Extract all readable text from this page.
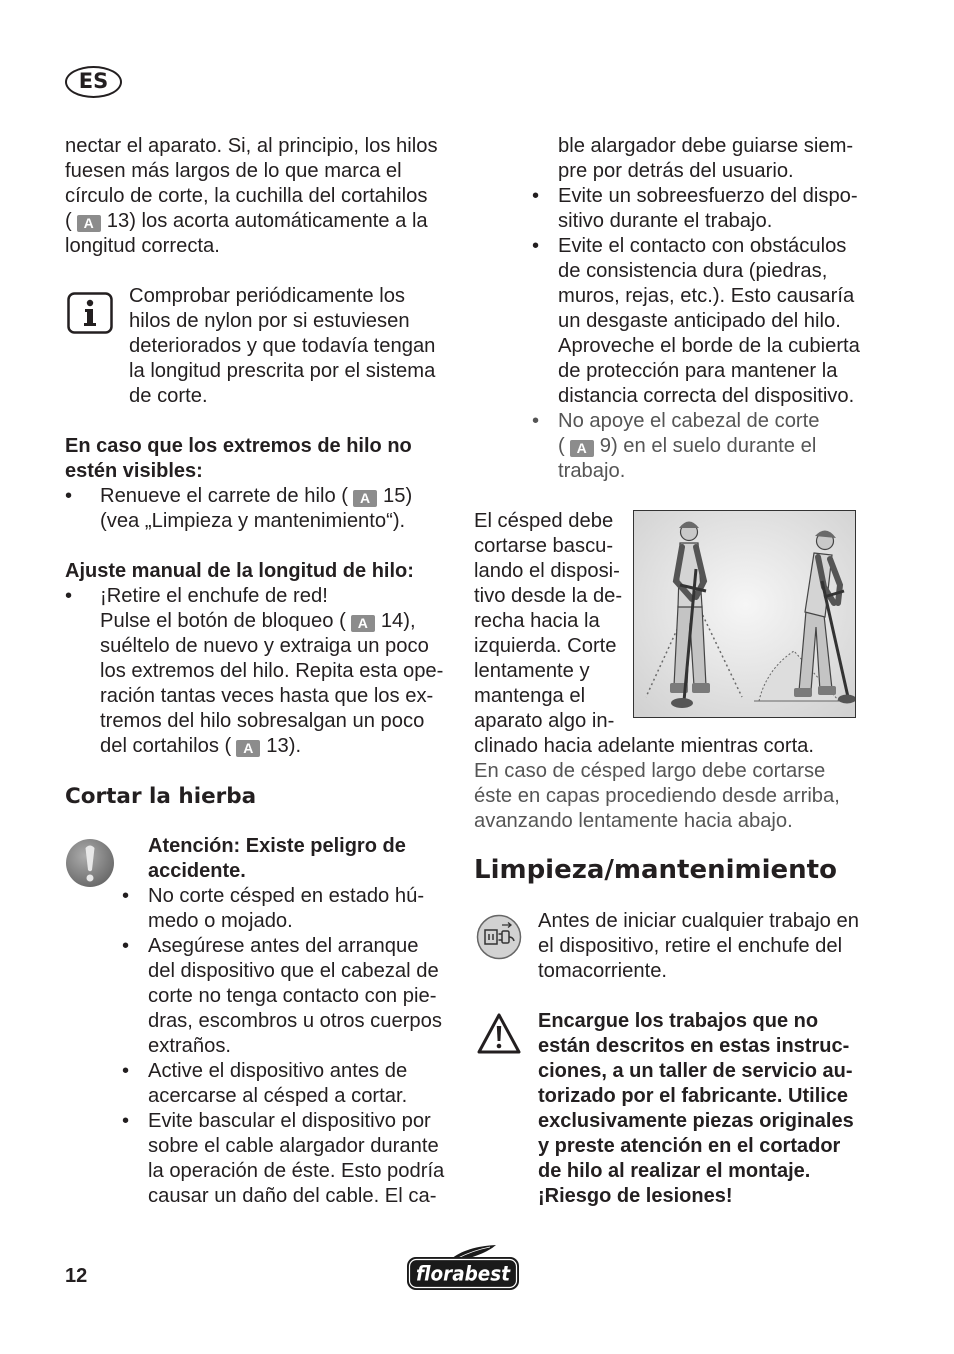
ES
nectar el aparato. Si, al principio, los hilos
fuesen más largos de lo que marca el
círculo de corte, la cuchilla del cortahilos
( A 13) los acorta automáticamente a la
longitud correcta.
Comprobar periódicamente los
hilos de nylon por si estuviesen
deteriorados y que todavía tengan
la longitud prescrita por el sistema
de corte.
En caso que los extremos de hilo no
estén visibles:
• Renueve el carrete de hilo ( A 15)
(vea „Limpieza y mantenimiento“).
Ajuste manual de la longitud de hilo:
• ¡Retire el enchufe de red!
Pulse el botón de bloqueo ( A 14),
suéltelo de nuevo y extraiga un poco
los extremos del hilo. Repita esta ope-
ración tantas veces hasta que los ex-
tremos del hilo sobresalgan un poco
del cortahilos ( A 13).
Cortar la hierba
Atención: Existe peligro de
accidente.
• No corte césped en estado hú-
medo o mojado.
• Asegúrese antes del arranque
del dispositivo que el cabezal de
corte no tenga contacto con pie-
dras, escombros u otros cuerpos
extraños.
• Active el dispositivo antes de
acercarse al césped a cortar.
• Evite bascular el dispositivo por
sobre el cable alargador durante
la operación de éste. Esto podría
causar un daño del cable. El ca-
ble alargador debe guiarse siem-
pre por detrás del usuario.
• Evite un sobreesfuerzo del dispo-
sitivo durante el trabajo.
• Evite el contacto con obstáculos
de consistencia dura (piedras,
muros, rejas, etc.). Esto causaría
un desgaste anticipado del hilo.
Aproveche el borde de la cubierta
de protección para mantener la
distancia correcta del dispositivo.
• No apoye el cabezal de corte
( A 9) en el suelo durante el
trabajo.
El césped debe
cortarse bascu-
lando el disposi-
tivo desde la de-
recha hacia la
izquierda. Corte
lentamente y
mantenga el
aparato algo in-
clinado hacia adelante mientras corta.
En caso de césped largo debe cortarse
éste en capas procediendo desde arriba,
avanzando lentamente hacia abajo.
Limpieza/mantenimiento
Antes de iniciar cualquier trabajo en
el dispositivo, retire el enchufe del
tomacorriente.
Encargue los trabajos que no
están descritos en estas instruc-
ciones, a un taller de servicio au-
torizado por el fabricante. Utilice
exclusivamente piezas originales
y preste atención en el cortador
de hilo al realizar el montaje.
¡Riesgo de lesiones!
12	florabest
